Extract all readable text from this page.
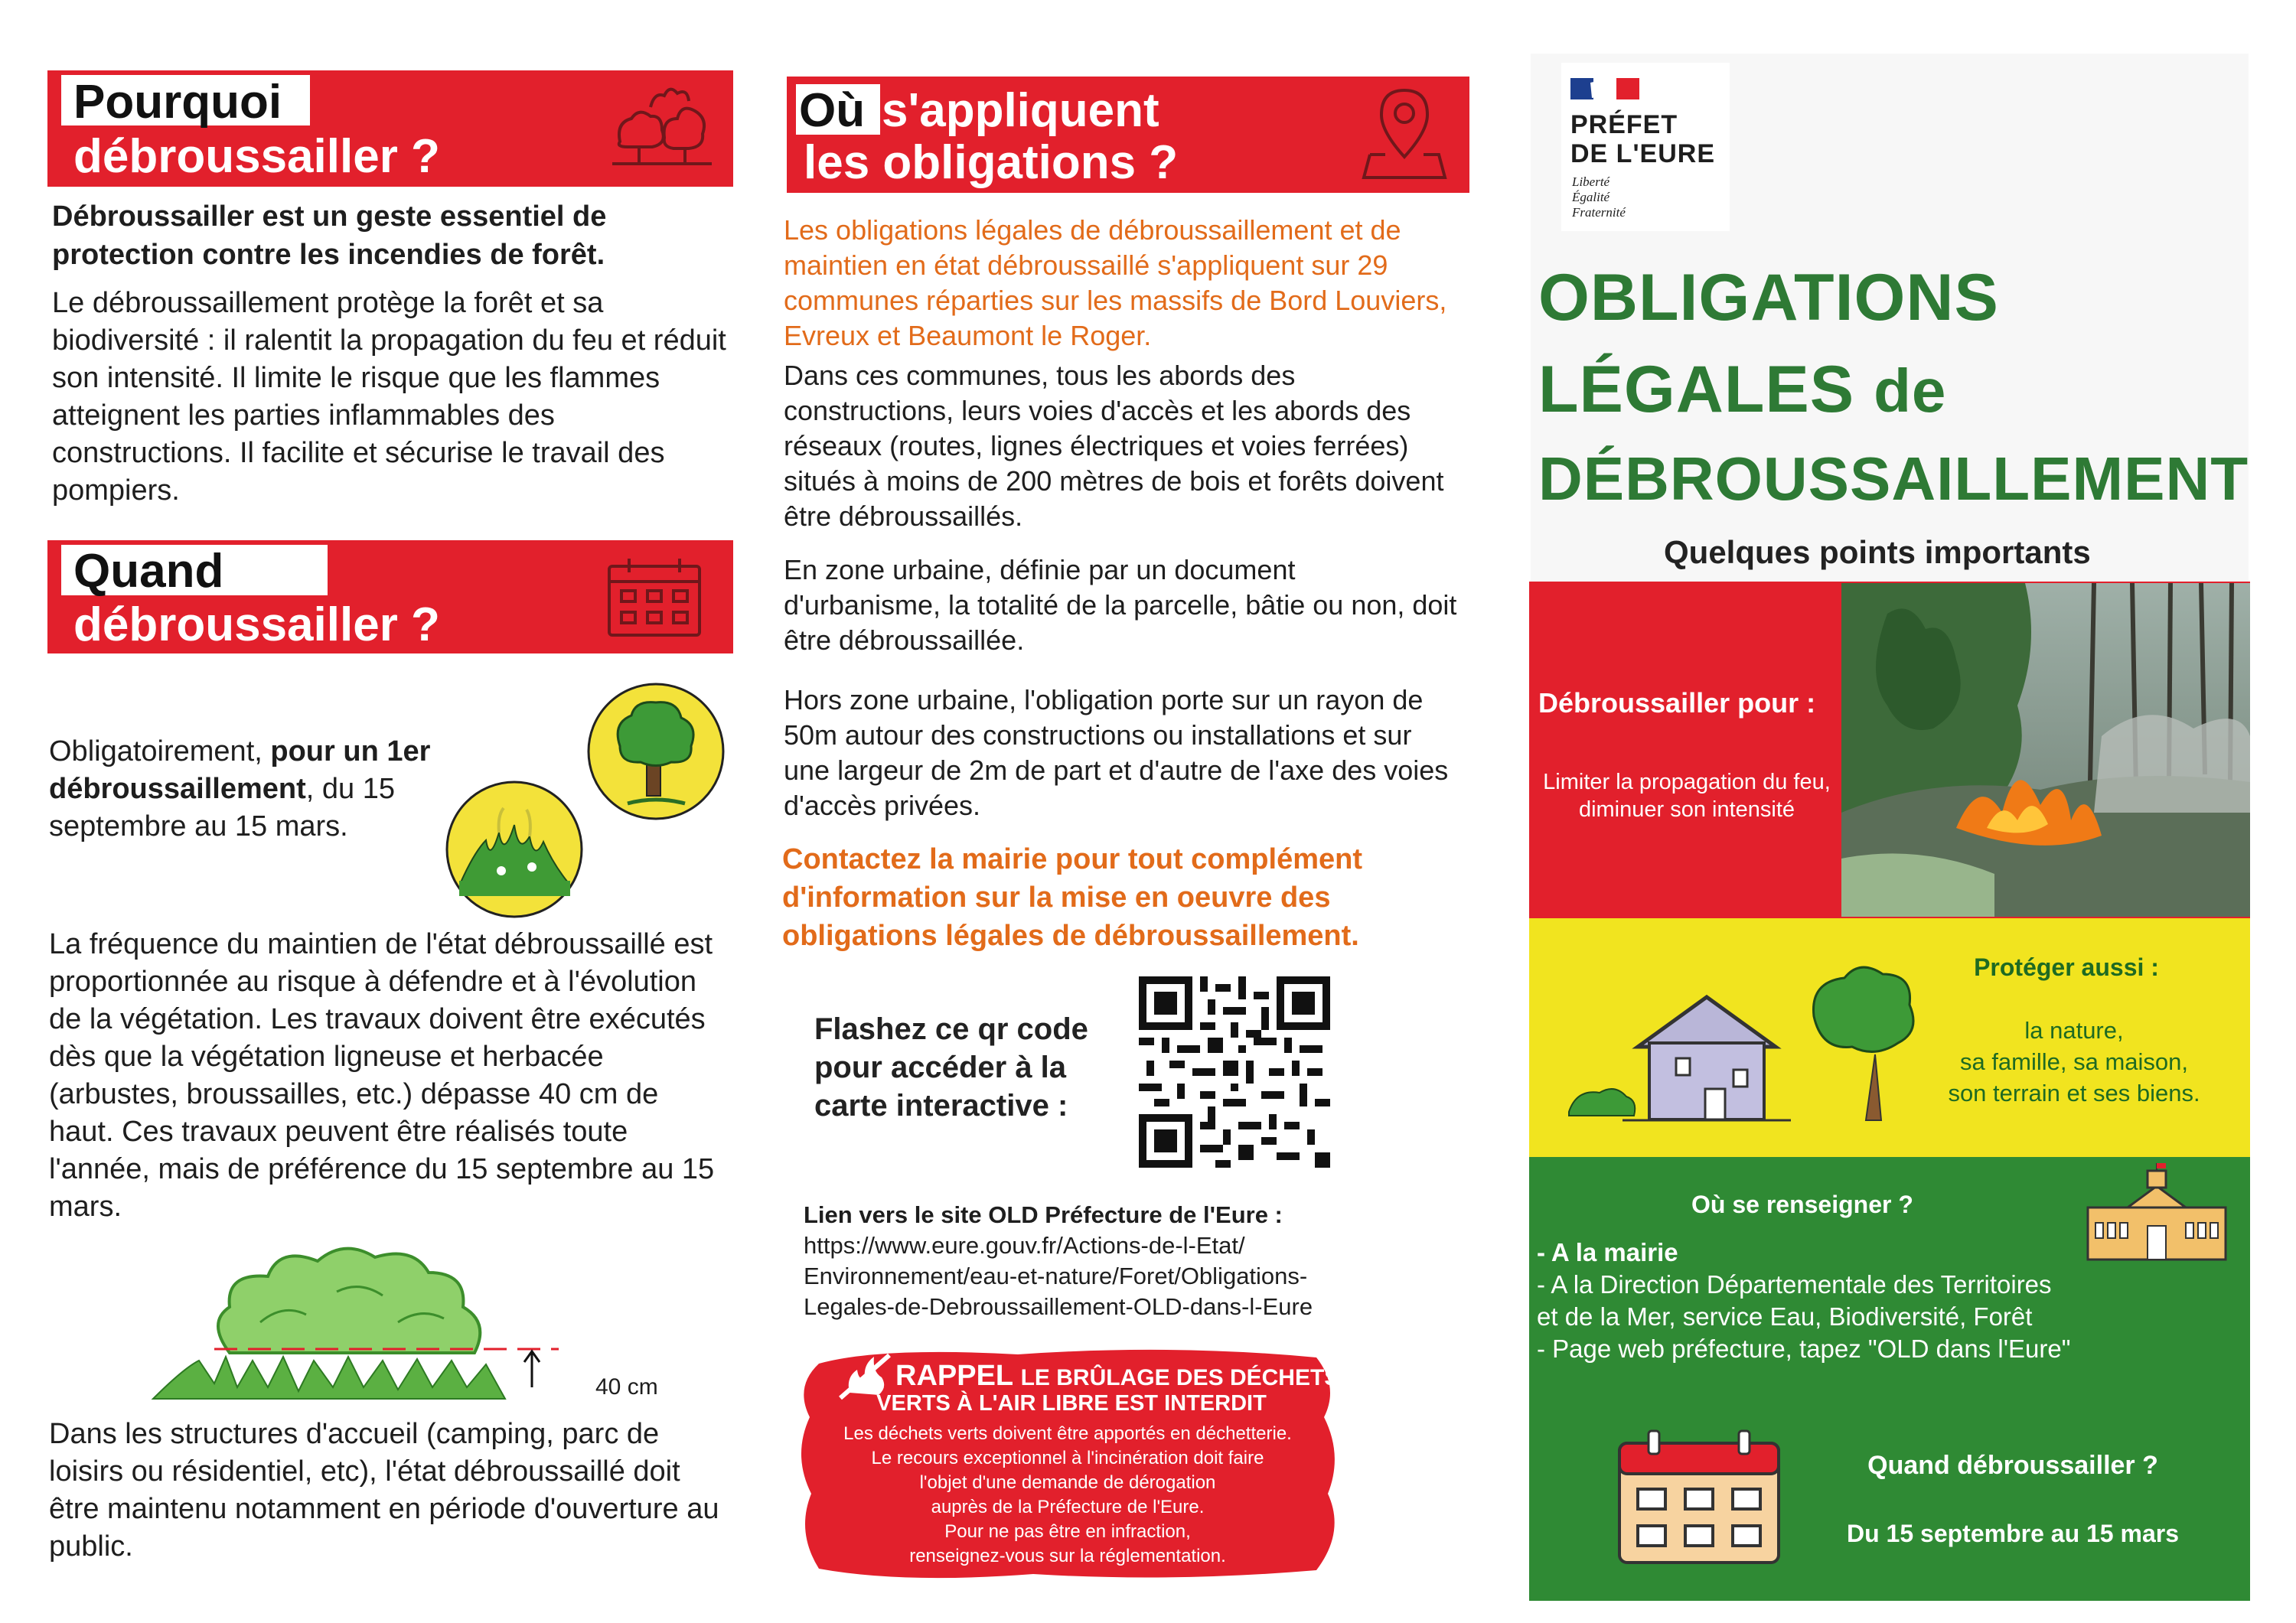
Pourquoi
débroussailler ?
Débroussailler est un geste essentiel de protection contre les incendies de forêt.
Le débroussaillement protège la forêt et sa biodiversité : il ralentit la propagation du feu et réduit son intensité. Il limite le risque que les flammes atteignent les parties inflammables des constructions. Il facilite et sécurise le travail des pompiers.
Quand
débroussailler ?
Obligatoirement, pour un 1er débroussaillement, du 15 septembre au 15 mars.
La fréquence du maintien de l'état débroussaillé est proportionnée au risque à défendre et à l'évolution de la végétation. Les travaux doivent être exécutés dès que la végétation ligneuse et herbacée (arbustes, broussailles, etc.) dépasse 40 cm de haut. Ces travaux peuvent être réalisés toute l'année, mais de préférence du 15 septembre au 15 mars.
40 cm
Dans les structures d'accueil (camping, parc de loisirs ou résidentiel, etc), l'état débroussaillé doit être maintenu notamment en période d'ouverture au public.
Où s'appliquent
les obligations ?
Les obligations légales de débroussaillement et de maintien en état débroussaillé s'appliquent sur 29 communes réparties sur les massifs de Bord Louviers, Evreux et Beaumont le Roger.
Dans ces communes, tous les abords des constructions, leurs voies d'accès et les abords des réseaux (routes, lignes électriques et voies ferrées) situés à moins de 200 mètres de bois et forêts doivent être débroussaillés.
En zone urbaine, définie par un document d'urbanisme, la totalité de la parcelle, bâtie ou non, doit être débroussaillée.
Hors zone urbaine, l'obligation porte sur un rayon de 50m autour des constructions ou installations et sur une largeur de 2m de part et d'autre de l'axe des voies d'accès privées.
Contactez la mairie pour tout complément d'information sur la mise en oeuvre des obligations légales de débroussaillement.
Flashez ce qr code pour accéder à la carte interactive :
Lien vers le site OLD Préfecture de l'Eure :
https://www.eure.gouv.fr/Actions-de-l-Etat/
Environnement/eau-et-nature/Foret/Obligations-
Legales-de-Debroussaillement-OLD-dans-l-Eure
RAPPEL LE BRÛLAGE DES DÉCHETS
VERTS À L'AIR LIBRE EST INTERDIT
Les déchets verts doivent être apportés en déchetterie.
Le recours exceptionnel à l'incinération doit faire
l'objet d'une demande de dérogation
auprès de la Préfecture de l'Eure.
Pour ne pas être en infraction,
renseignez-vous sur la réglementation.
PRÉFET
DE L'EURE
Liberté
Égalité
Fraternité
OBLIGATIONS
LÉGALES de
DÉBROUSSAILLEMENT
Quelques points importants
Débroussailler pour :
Limiter la propagation du feu,
diminuer son intensité
Protéger aussi :
la nature,
sa famille, sa maison,
son terrain et ses biens.
Où se renseigner ?
- A la mairie
- A la Direction Départementale des Territoires
et de la Mer, service Eau, Biodiversité, Forêt
- Page web préfecture, tapez "OLD dans l'Eure"
Quand débroussailler ?
Du 15 septembre au 15 mars
